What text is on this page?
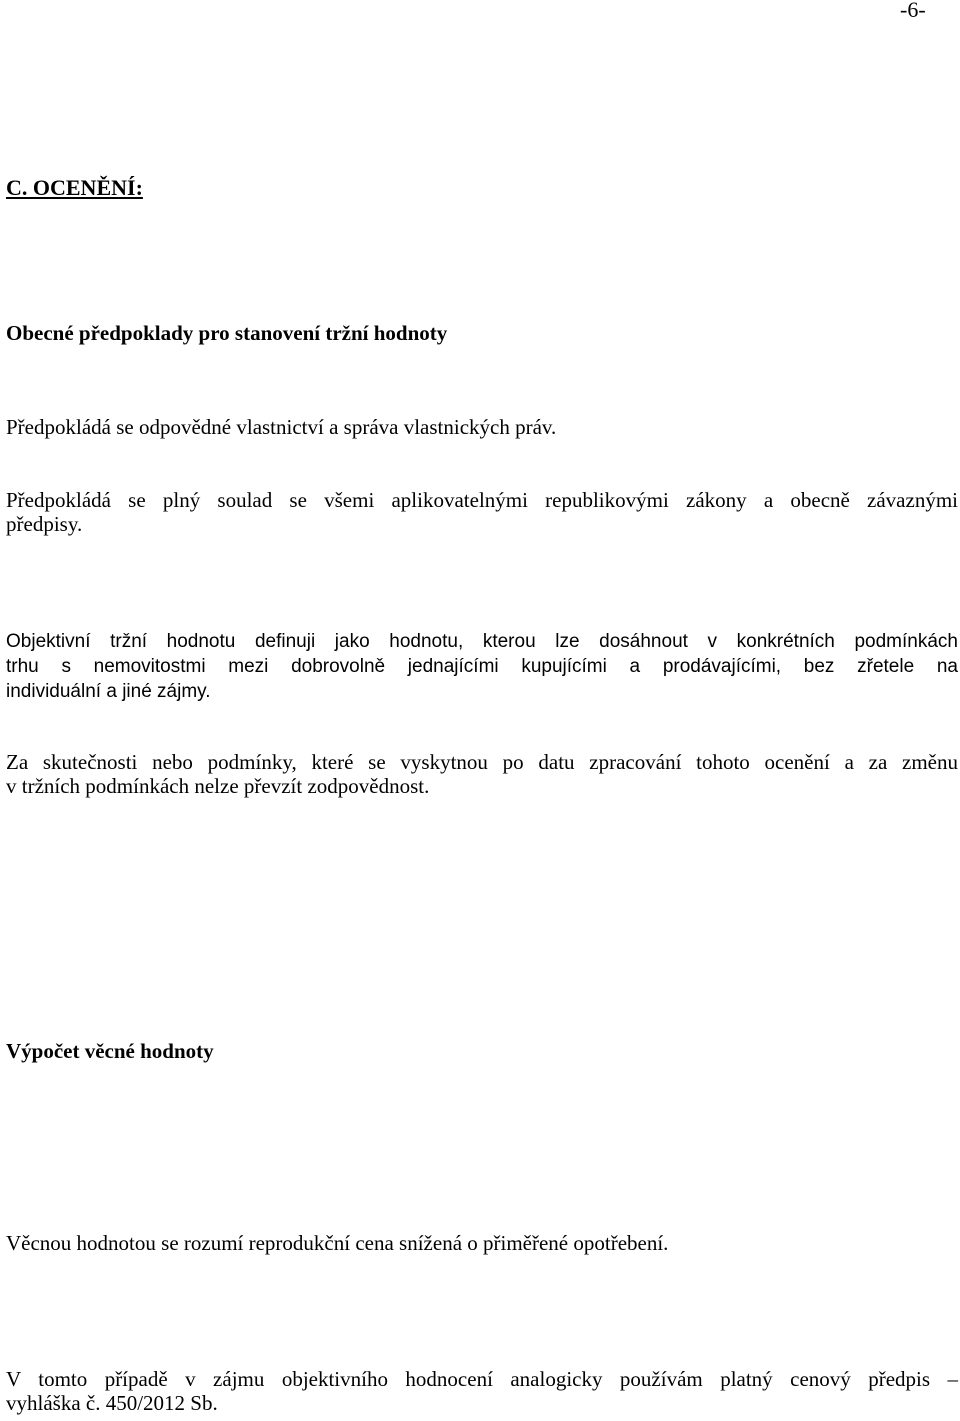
-6-
C. OCENĚNÍ:
Obecné předpoklady pro stanovení tržní hodnoty

Předpokládá se odpovědné vlastnictví a správa vlastnických práv.

Předpokládá se plný soulad se všemi aplikovatelnými republikovými zákony a obecně závaznými
předpisy.
Objektivní tržní hodnotu definuji jako hodnotu, kterou lze dosáhnout v konkrétních podmínkách
trhu s nemovitostmi mezi dobrovolně jednajícími kupujícími a prodávajícími, bez zřetele na
individuální a jiné zájmy.
Za skutečnosti nebo podmínky, které se vyskytnou po datu zpracování tohoto ocenění a za změnu
v tržních podmínkách nelze převzít zodpovědnost.
Výpočet věcné hodnoty

Věcnou hodnotou se rozumí reprodukční cena snížená o přiměřené opotřebení.

V tomto případě v zájmu objektivního hodnocení analogicky používám platný cenový předpis –
vyhláška č. 450/2012 Sb.
